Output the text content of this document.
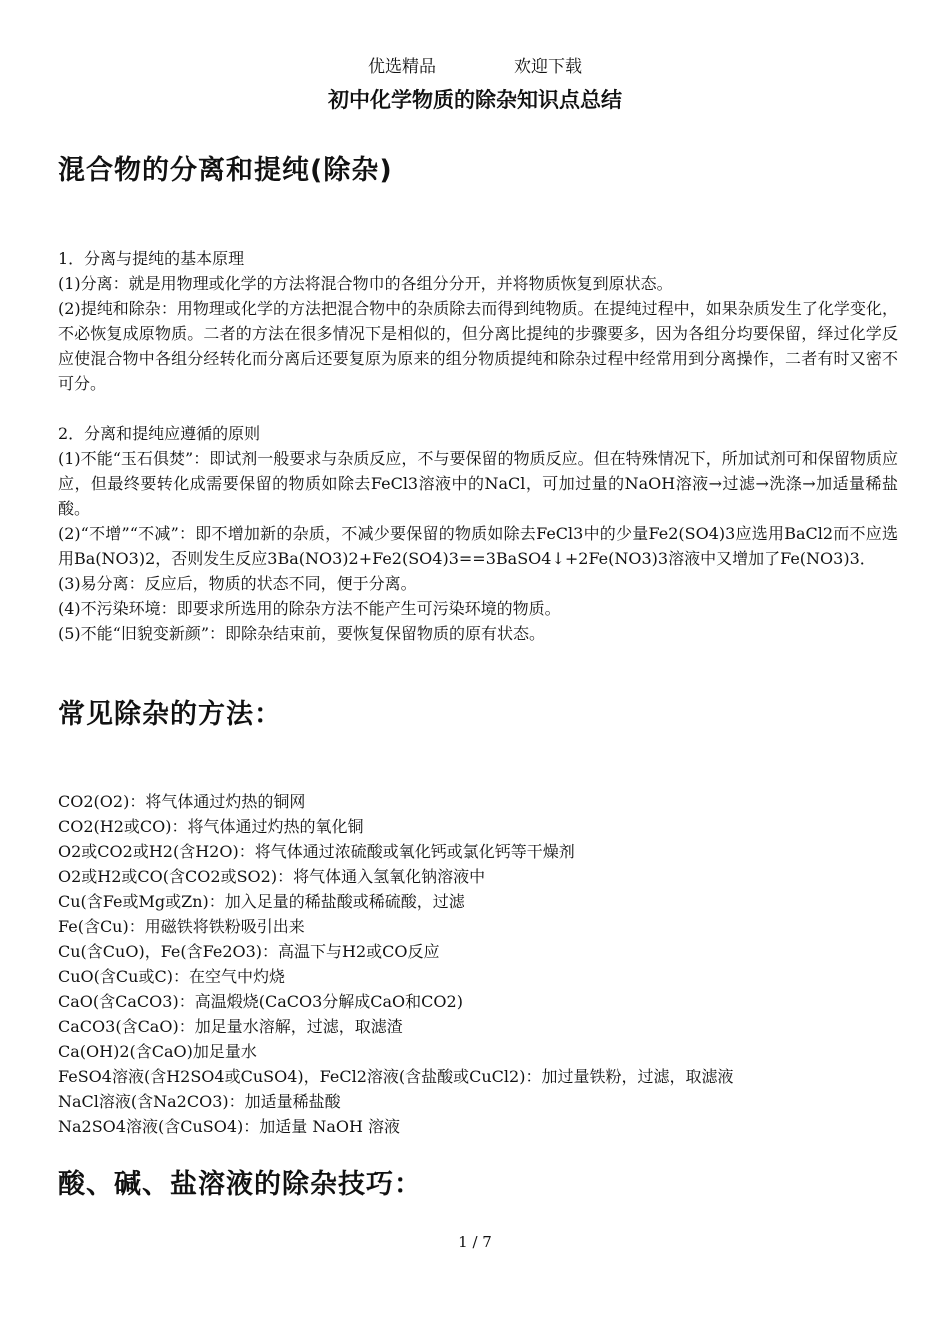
优选精品	欢迎下载
初中化学物质的除杂知识点总结
混合物的分离和提纯(除杂)

1．分离与提纯的基本原理

(1)分离：就是用物理或化学的方法将混合物巾的各组分分开，并将物质恢复到原状态。

(2)提纯和除杂：用物理或化学的方法把混合物中的杂质除去而得到纯物质。在提纯过程中，如果杂质发生了化学变化，不必恢复成原物质。二者的方法在很多情况下是相似的，但分离比提纯的步骤要多，因为各组分均要保留，绎过化学反应使混合物中各组分经转化而分离后还要复原为原来的组分物质提纯和除杂过程中经常用到分离操作，二者有时又密不可分。

2．分离和提纯应遵循的原则

(1)不能“玉石俱焚”：即试剂一般要求与杂质反应，不与要保留的物质反应。但在特殊情况下，所加试剂可和保留物质应应，但最终要转化成需要保留的物质如除去FeCl3溶液中的NaCl，可加过量的NaOH溶液→过滤→洗涤→加适量稀盐酸。

(2)“不增”“不减”：即不增加新的杂质，不减少要保留的物质如除去FeCl3中的少量Fe2(SO4)3应选用BaCl2而不应选用Ba(NO3)2，否则发生反应3Ba(NO3)2+Fe2(SO4)3==3BaSO4↓+2Fe(NO3)3溶液中又增加了Fe(NO3)3．

(3)易分离：反应后，物质的状态不同，便于分离。

(4)不污染环境：即要求所选用的除杂方法不能产生可污染环境的物质。

(5)不能“旧貌变新颜”：即除杂结束前，要恢复保留物质的原有状态。

常见除杂的方法：

CO2(O2)：将气体通过灼热的铜网

CO2(H2或CO)：将气体通过灼热的氧化铜

O2或CO2或H2(含H2O)：将气体通过浓硫酸或氧化钙或氯化钙等干燥剂

O2或H2或CO(含CO2或SO2)：将气体通入氢氧化钠溶液中

Cu(含Fe或Mg或Zn)：加入足量的稀盐酸或稀硫酸，过滤

Fe(含Cu)：用磁铁将铁粉吸引出来

Cu(含CuO)，Fe(含Fe2O3)：高温下与H2或CO反应

CuO(含Cu或C)：在空气中灼烧

CaO(含CaCO3)：高温煅烧(CaCO3分解成CaO和CO2)

CaCO3(含CaO)：加足量水溶解，过滤，取滤渣

Ca(OH)2(含CaO)加足量水

FeSO4溶液(含H2SO4或CuSO4)，FeCl2溶液(含盐酸或CuCl2)：加过量铁粉，过滤，取滤液

NaCl溶液(含Na2CO3)：加适量稀盐酸

Na2SO4溶液(含CuSO4)：加适量 NaOH 溶液

酸、碱、盐溶液的除杂技巧：
1 / 7
